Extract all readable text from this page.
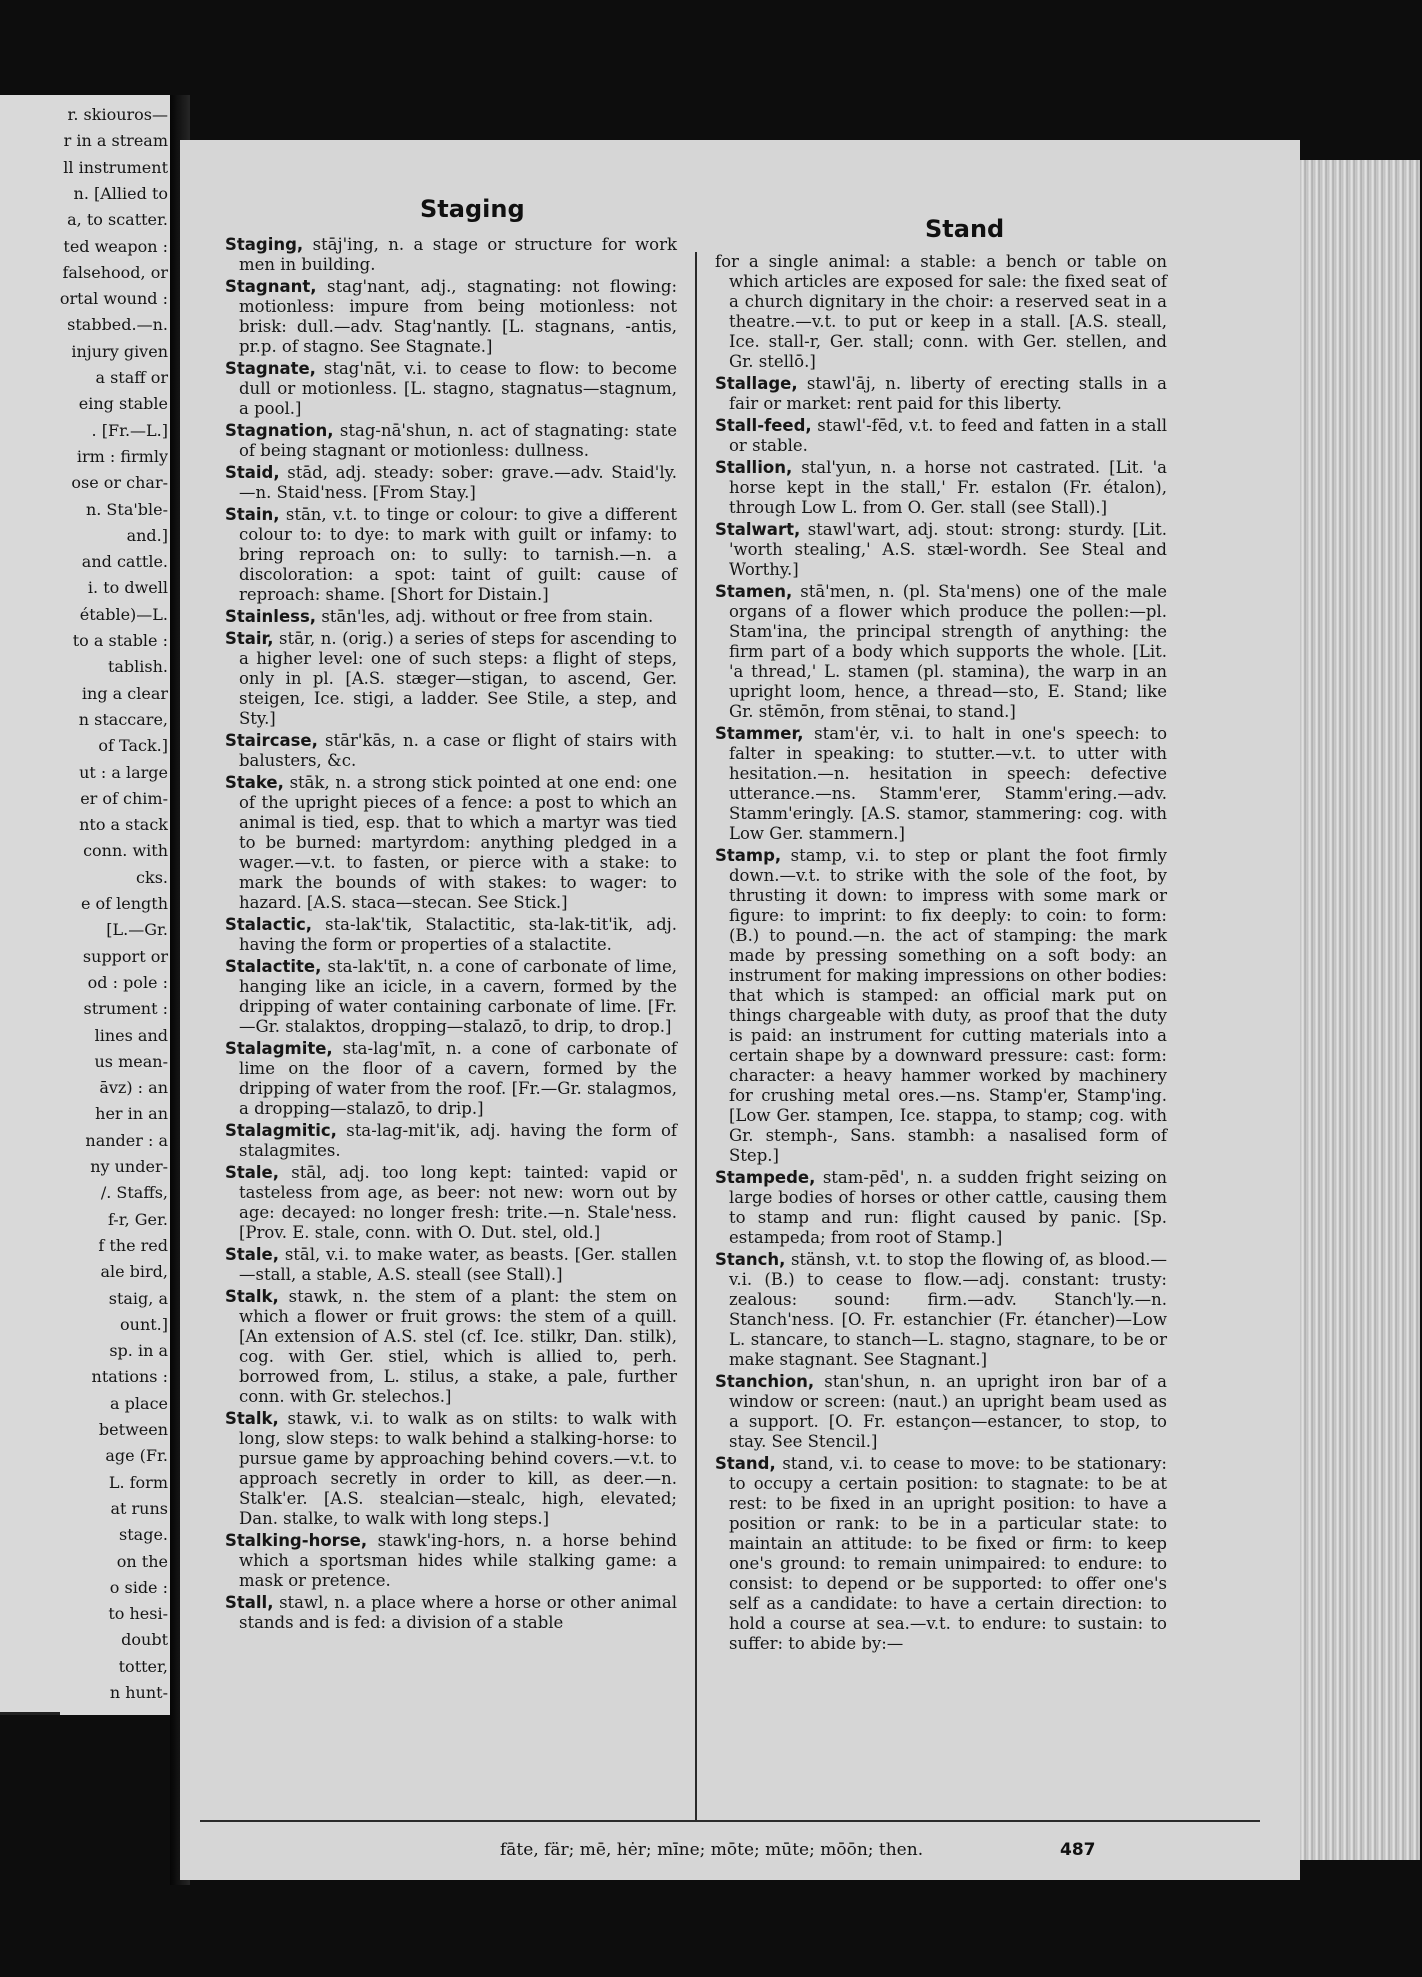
r. skiouros—
r in a stream
ll instrument
n. [Allied to
a, to scatter.
ted weapon :
falsehood, or
ortal wound :
stabbed.—n.
injury given
a staff or
eing stable
. [Fr.—L.]
irm : firmly
ose or char-
n. Sta'ble-
and.]
and cattle.
i. to dwell
étable)—L.
to a stable :
tablish.
ing a clear
n staccare,
of Tack.]
ut : a large
er of chim-
nto a stack
conn. with
cks.
e of length
[L.—Gr.
support or
od : pole :
strument :
lines and
us mean-
āvz) : an
her in an
nander : a
ny under-
/. Staffs,
f-r, Ger.
f the red
ale bird,
staig, a
ount.]
sp. in a
ntations :
a place
between
age (Fr.
L. form
at runs
stage.
on the
o side :
to hesi-
doubt
totter,
n hunt-
Staging
Stand

Staging, stāj'ing, n. a stage or structure for work men in building.

Stagnant, stag'nant, adj., stagnating: not flowing: motionless: impure from being motionless: not brisk: dull.—adv. Stag'nantly. [L. stagnans, -antis, pr.p. of stagno. See Stagnate.]

Stagnate, stag'nāt, v.i. to cease to flow: to become dull or motionless. [L. stagno, stagnatus—stagnum, a pool.]

Stagnation, stag-nā'shun, n. act of stagnating: state of being stagnant or motionless: dullness.

Staid, stād, adj. steady: sober: grave.—adv. Staid'ly.—n. Staid'ness. [From Stay.]

Stain, stān, v.t. to tinge or colour: to give a different colour to: to dye: to mark with guilt or infamy: to bring reproach on: to sully: to tarnish.—n. a discoloration: a spot: taint of guilt: cause of reproach: shame. [Short for Distain.]

Stainless, stān'les, adj. without or free from stain.

Stair, stār, n. (orig.) a series of steps for ascending to a higher level: one of such steps: a flight of steps, only in pl. [A.S. stæger—stigan, to ascend, Ger. steigen, Ice. stigi, a ladder. See Stile, a step, and Sty.]

Staircase, stār'kās, n. a case or flight of stairs with balusters, &c.

Stake, stāk, n. a strong stick pointed at one end: one of the upright pieces of a fence: a post to which an animal is tied, esp. that to which a martyr was tied to be burned: martyrdom: anything pledged in a wager.—v.t. to fasten, or pierce with a stake: to mark the bounds of with stakes: to wager: to hazard. [A.S. staca—stecan. See Stick.]

Stalactic, sta-lak'tik, Stalactitic, sta-lak-tit'ik, adj. having the form or properties of a stalactite.

Stalactite, sta-lak'tīt, n. a cone of carbonate of lime, hanging like an icicle, in a cavern, formed by the dripping of water containing carbonate of lime. [Fr.—Gr. stalaktos, dropping—stalazō, to drip, to drop.]

Stalagmite, sta-lag'mīt, n. a cone of carbonate of lime on the floor of a cavern, formed by the dripping of water from the roof. [Fr.—Gr. stalagmos, a dropping—stalazō, to drip.]

Stalagmitic, sta-lag-mit'ik, adj. having the form of stalagmites.

Stale, stāl, adj. too long kept: tainted: vapid or tasteless from age, as beer: not new: worn out by age: decayed: no longer fresh: trite.—n. Stale'ness. [Prov. E. stale, conn. with O. Dut. stel, old.]

Stale, stāl, v.i. to make water, as beasts. [Ger. stallen—stall, a stable, A.S. steall (see Stall).]

Stalk, stawk, n. the stem of a plant: the stem on which a flower or fruit grows: the stem of a quill. [An extension of A.S. stel (cf. Ice. stilkr, Dan. stilk), cog. with Ger. stiel, which is allied to, perh. borrowed from, L. stilus, a stake, a pale, further conn. with Gr. stelechos.]

Stalk, stawk, v.i. to walk as on stilts: to walk with long, slow steps: to walk behind a stalking-horse: to pursue game by approaching behind covers.—v.t. to approach secretly in order to kill, as deer.—n. Stalk'er. [A.S. stealcian—stealc, high, elevated; Dan. stalke, to walk with long steps.]

Stalking-horse, stawk'ing-hors, n. a horse behind which a sportsman hides while stalking game: a mask or pretence.

Stall, stawl, n. a place where a horse or other animal stands and is fed: a division of a stable

for a single animal: a stable: a bench or table on which articles are exposed for sale: the fixed seat of a church dignitary in the choir: a reserved seat in a theatre.—v.t. to put or keep in a stall. [A.S. steall, Ice. stall-r, Ger. stall; conn. with Ger. stellen, and Gr. stellō.]

Stallage, stawl'āj, n. liberty of erecting stalls in a fair or market: rent paid for this liberty.

Stall-feed, stawl'-fēd, v.t. to feed and fatten in a stall or stable.

Stallion, stal'yun, n. a horse not castrated. [Lit. 'a horse kept in the stall,' Fr. estalon (Fr. étalon), through Low L. from O. Ger. stall (see Stall).]

Stalwart, stawl'wart, adj. stout: strong: sturdy. [Lit. 'worth stealing,' A.S. stæl-wordh. See Steal and Worthy.]

Stamen, stā'men, n. (pl. Sta'mens) one of the male organs of a flower which produce the pollen:—pl. Stam'ina, the principal strength of anything: the firm part of a body which supports the whole. [Lit. 'a thread,' L. stamen (pl. stamina), the warp in an upright loom, hence, a thread—sto, E. Stand; like Gr. stēmōn, from stēnai, to stand.]

Stammer, stam'ėr, v.i. to halt in one's speech: to falter in speaking: to stutter.—v.t. to utter with hesitation.—n. hesitation in speech: defective utterance.—ns. Stamm'erer, Stamm'ering.—adv. Stamm'eringly. [A.S. stamor, stammering: cog. with Low Ger. stammern.]

Stamp, stamp, v.i. to step or plant the foot firmly down.—v.t. to strike with the sole of the foot, by thrusting it down: to impress with some mark or figure: to imprint: to fix deeply: to coin: to form: (B.) to pound.—n. the act of stamping: the mark made by pressing something on a soft body: an instrument for making impressions on other bodies: that which is stamped: an official mark put on things chargeable with duty, as proof that the duty is paid: an instrument for cutting materials into a certain shape by a downward pressure: cast: form: character: a heavy hammer worked by machinery for crushing metal ores.—ns. Stamp'er, Stamp'ing. [Low Ger. stampen, Ice. stappa, to stamp; cog. with Gr. stemph-, Sans. stambh: a nasalised form of Step.]

Stampede, stam-pēd', n. a sudden fright seizing on large bodies of horses or other cattle, causing them to stamp and run: flight caused by panic. [Sp. estampeda; from root of Stamp.]

Stanch, stänsh, v.t. to stop the flowing of, as blood.—v.i. (B.) to cease to flow.—adj. constant: trusty: zealous: sound: firm.—adv. Stanch'ly.—n. Stanch'ness. [O. Fr. estanchier (Fr. étancher)—Low L. stancare, to stanch—L. stagno, stagnare, to be or make stagnant. See Stagnant.]

Stanchion, stan'shun, n. an upright iron bar of a window or screen: (naut.) an upright beam used as a support. [O. Fr. estançon—estancer, to stop, to stay. See Stencil.]

Stand, stand, v.i. to cease to move: to be stationary: to occupy a certain position: to stagnate: to be at rest: to be fixed in an upright position: to have a position or rank: to be in a particular state: to maintain an attitude: to be fixed or firm: to keep one's ground: to remain unimpaired: to endure: to consist: to depend or be supported: to offer one's self as a candidate: to have a certain direction: to hold a course at sea.—v.t. to endure: to sustain: to suffer: to abide by:—

fāte, fär; mē, hėr; mīne; mōte; mūte; mōōn; then.	487
